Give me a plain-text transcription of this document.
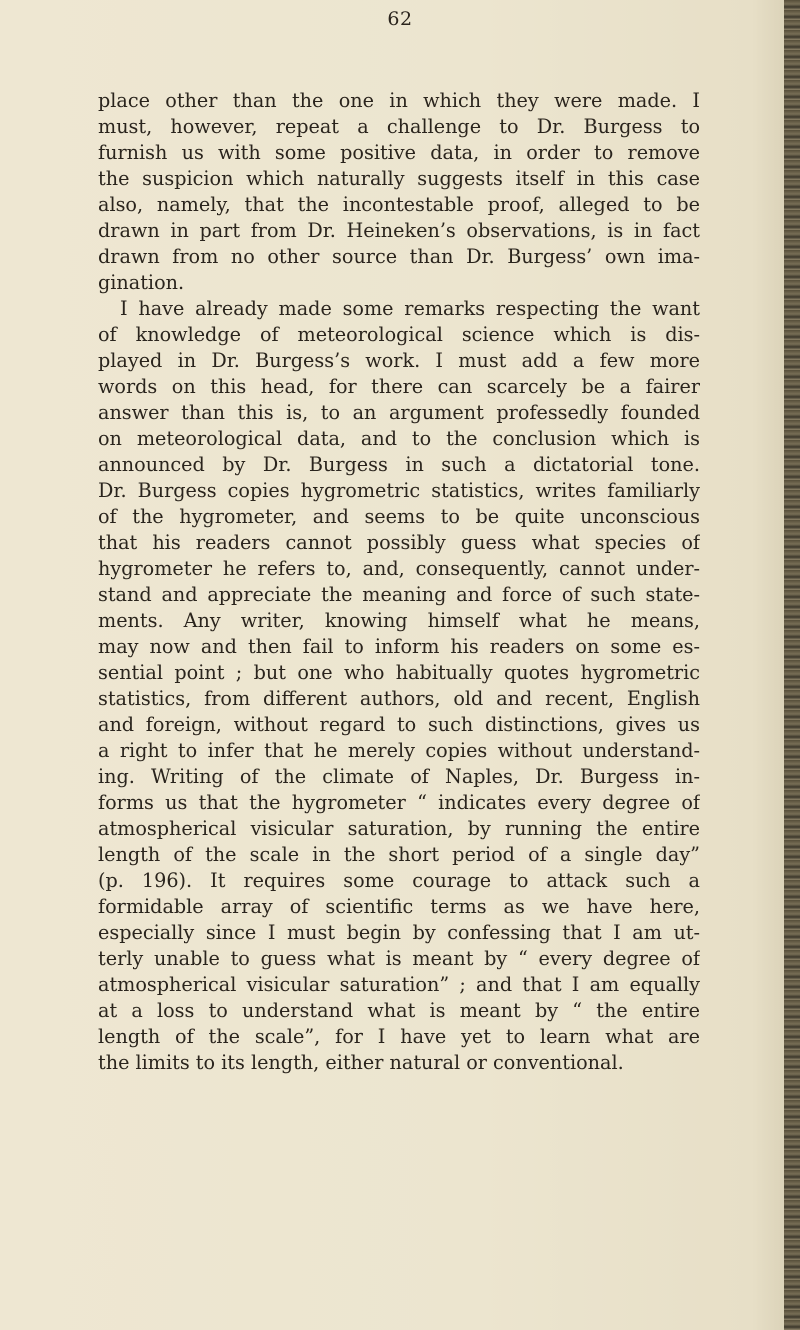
62
place other than the one in which they were made. I
must, however, repeat a challenge to Dr. Burgess to
furnish us with some positive data, in order to remove
the suspicion which naturally suggests itself in this case
also, namely, that the incontestable proof, alleged to be
drawn in part from Dr. Heineken’s observations, is in fact
drawn from no other source than Dr. Burgess’ own ima-
gination.
I have already made some remarks respecting the want
of knowledge of meteorological science which is dis-
played in Dr. Burgess’s work. I must add a few more
words on this head, for there can scarcely be a fairer
answer than this is, to an argument professedly founded
on meteorological data, and to the conclusion which is
announced by Dr. Burgess in such a dictatorial tone.
Dr. Burgess copies hygrometric statistics, writes familiarly
of the hygrometer, and seems to be quite unconscious
that his readers cannot possibly guess what species of
hygrometer he refers to, and, consequently, cannot under-
stand and appreciate the meaning and force of such state-
ments. Any writer, knowing himself what he means,
may now and then fail to inform his readers on some es-
sential point ; but one who habitually quotes hygrometric
statistics, from different authors, old and recent, English
and foreign, without regard to such distinctions, gives us
a right to infer that he merely copies without understand-
ing. Writing of the climate of Naples, Dr. Burgess in-
forms us that the hygrometer “ indicates every degree of
atmospherical visicular saturation, by running the entire
length of the scale in the short period of a single day”
(p. 196). It requires some courage to attack such a
formidable array of scientific terms as we have here,
especially since I must begin by confessing that I am ut-
terly unable to guess what is meant by “ every degree of
atmospherical visicular saturation” ; and that I am equally
at a loss to understand what is meant by “ the entire
length of the scale”, for I have yet to learn what are
the limits to its length, either natural or conventional.
